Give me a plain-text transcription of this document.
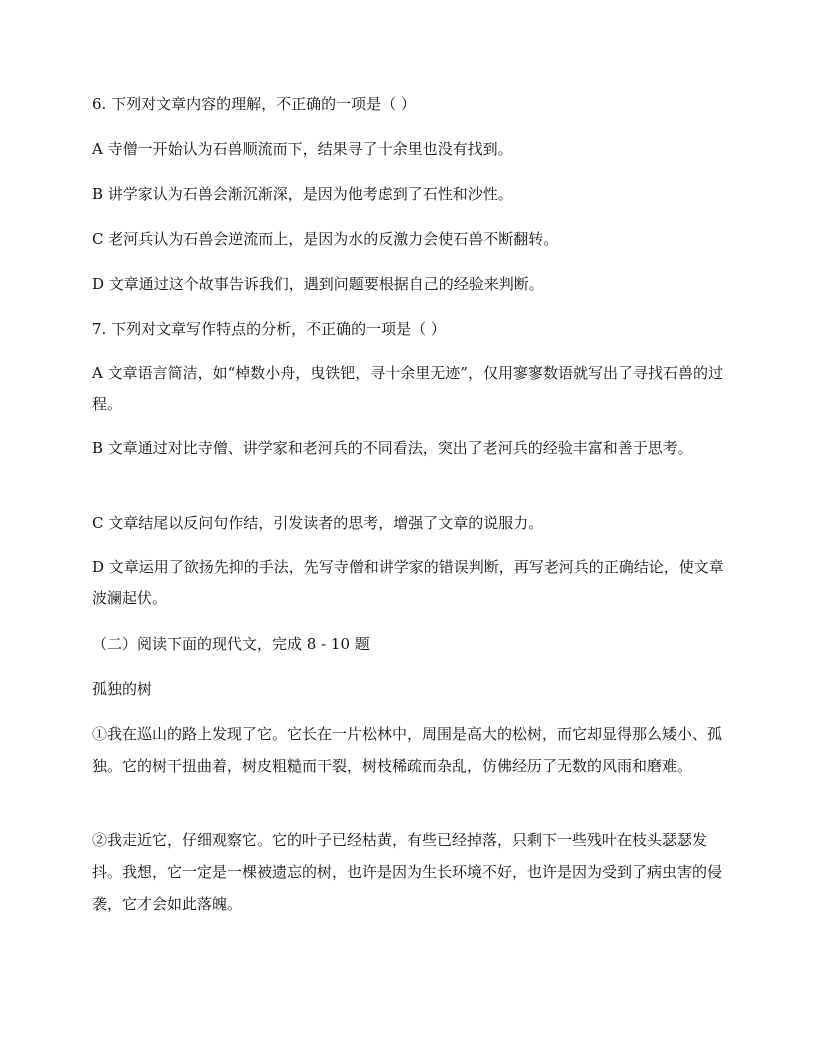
6. 下列对文章内容的理解，不正确的一项是（ ）

A 寺僧一开始认为石兽顺流而下，结果寻了十余里也没有找到。

B 讲学家认为石兽会渐沉渐深，是因为他考虑到了石性和沙性。

C 老河兵认为石兽会逆流而上，是因为水的反激力会使石兽不断翻转。

D 文章通过这个故事告诉我们，遇到问题要根据自己的经验来判断。

7. 下列对文章写作特点的分析，不正确的一项是（ ）

A 文章语言简洁，如“棹数小舟，曳铁钯，寻十余里无迹”，仅用寥寥数语就写出了寻找石兽的过程。

B 文章通过对比寺僧、讲学家和老河兵的不同看法，突出了老河兵的经验丰富和善于思考。

C 文章结尾以反问句作结，引发读者的思考，增强了文章的说服力。

D 文章运用了欲扬先抑的手法，先写寺僧和讲学家的错误判断，再写老河兵的正确结论，使文章波澜起伏。

（二）阅读下面的现代文，完成 8 - 10 题

孤独的树

①我在巡山的路上发现了它。它长在一片松林中，周围是高大的松树，而它却显得那么矮小、孤独。它的树干扭曲着，树皮粗糙而干裂，树枝稀疏而杂乱，仿佛经历了无数的风雨和磨难。

②我走近它，仔细观察它。它的叶子已经枯黄，有些已经掉落，只剩下一些残叶在枝头瑟瑟发抖。我想，它一定是一棵被遗忘的树，也许是因为生长环境不好，也许是因为受到了病虫害的侵袭，它才会如此落魄。
